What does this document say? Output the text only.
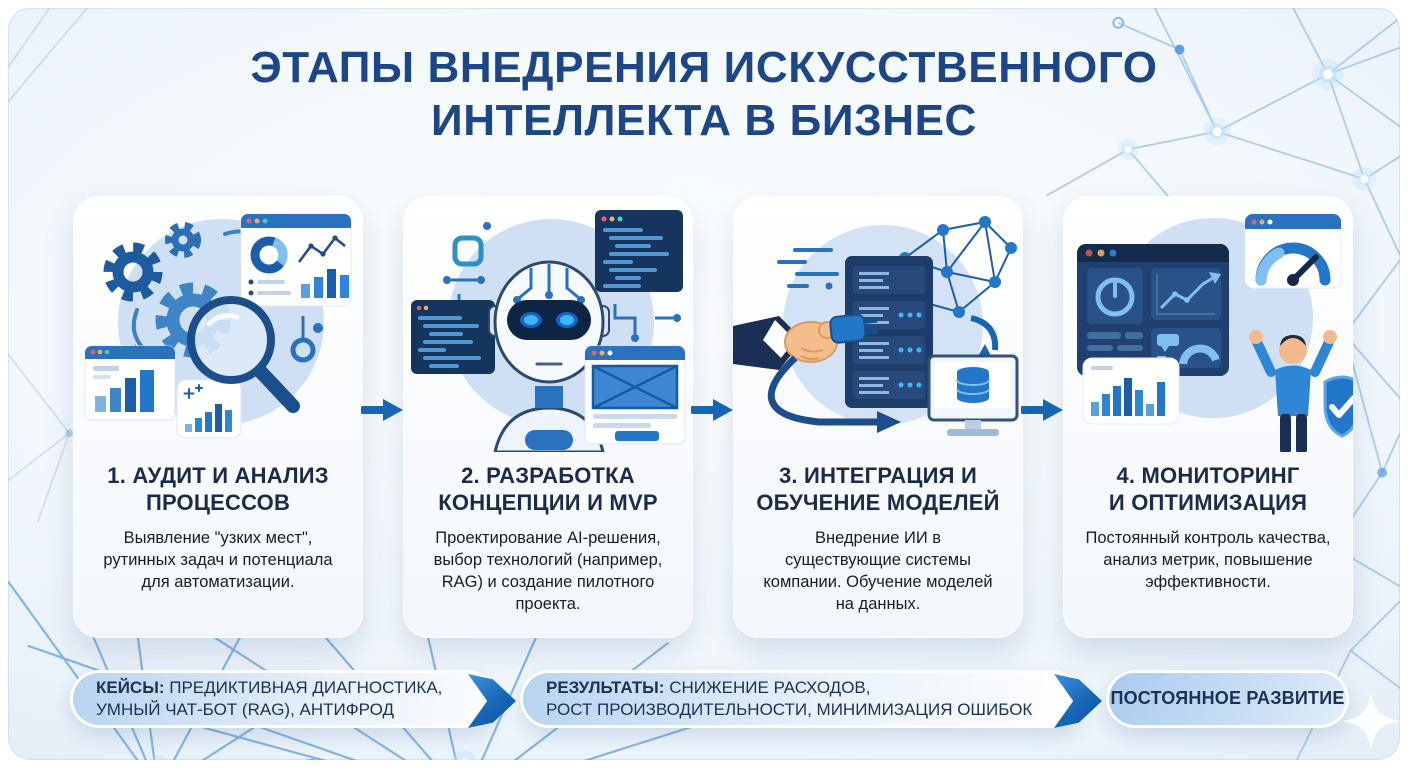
ЭТАПЫ ВНЕДРЕНИЯ ИСКУССТВЕННОГО ИНТЕЛЛЕКТА В БИЗНЕС
1. АУДИТ И АНАЛИЗ ПРОЦЕССОВ
Выявление "узких мест", рутинных задач и потенциала для автоматизации.
2. РАЗРАБОТКА КОНЦЕПЦИИ И MVP
Проектирование AI-решения, выбор технологий (например, RAG) и создание пилотного проекта.
3. ИНТЕГРАЦИЯ И ОБУЧЕНИЕ МОДЕЛЕЙ
Внедрение ИИ в существующие системы компании. Обучение моделей на данных.
4. МОНИТОРИНГ И ОПТИМИЗАЦИЯ
Постоянный контроль качества, анализ метрик, повышение эффективности.
КЕЙСЫ: ПРЕДИКТИВНАЯ ДИАГНОСТИКА,
УМНЫЙ ЧАТ-БОТ (RAG), АНТИФРОД
РЕЗУЛЬТАТЫ: СНИЖЕНИЕ РАСХОДОВ,
РОСТ ПРОИЗВОДИТЕЛЬНОСТИ, МИНИМИЗАЦИЯ ОШИБОК
ПОСТОЯННОЕ РАЗВИТИЕ
